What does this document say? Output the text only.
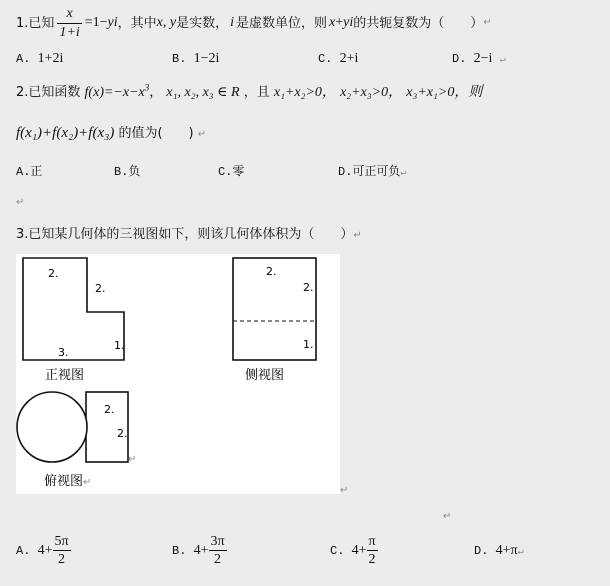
1.已知 $\frac{x}{1+i} =1-$ yi ，其中 x, y 是实数， i 是虚数单位，则 x + yi 的共轭复数为（　　） ↵
A. 1+2i	B. 1−2i	C. 2+i	D. 2−i ↵
2.已知函数 $f(x)=-x-x^3$， x₁, x₂, x₃ ∈ R ，且 x₁+x₂>0， x₂+x₃>0， x₃+x₁>0，则
f(x₁)+f(x₂)+f(x₃) 的值为(　　) ↵
A.正	B.负	C.零	D.可正可负↵
↵
3.已知某几何体的三视图如下，则该几何体体积为（　　）↵
2.
2.
1.
3.
正视图
2.
2.
1.
侧视图
2.
2.
↵
俯视图↵
↵
↵
A.
$4+ \frac{5\pi}{2}$	B.
$4+ \frac{3\pi}{2}$	C.
$4+ \frac{\pi}{2}$	D. 4+π↵
